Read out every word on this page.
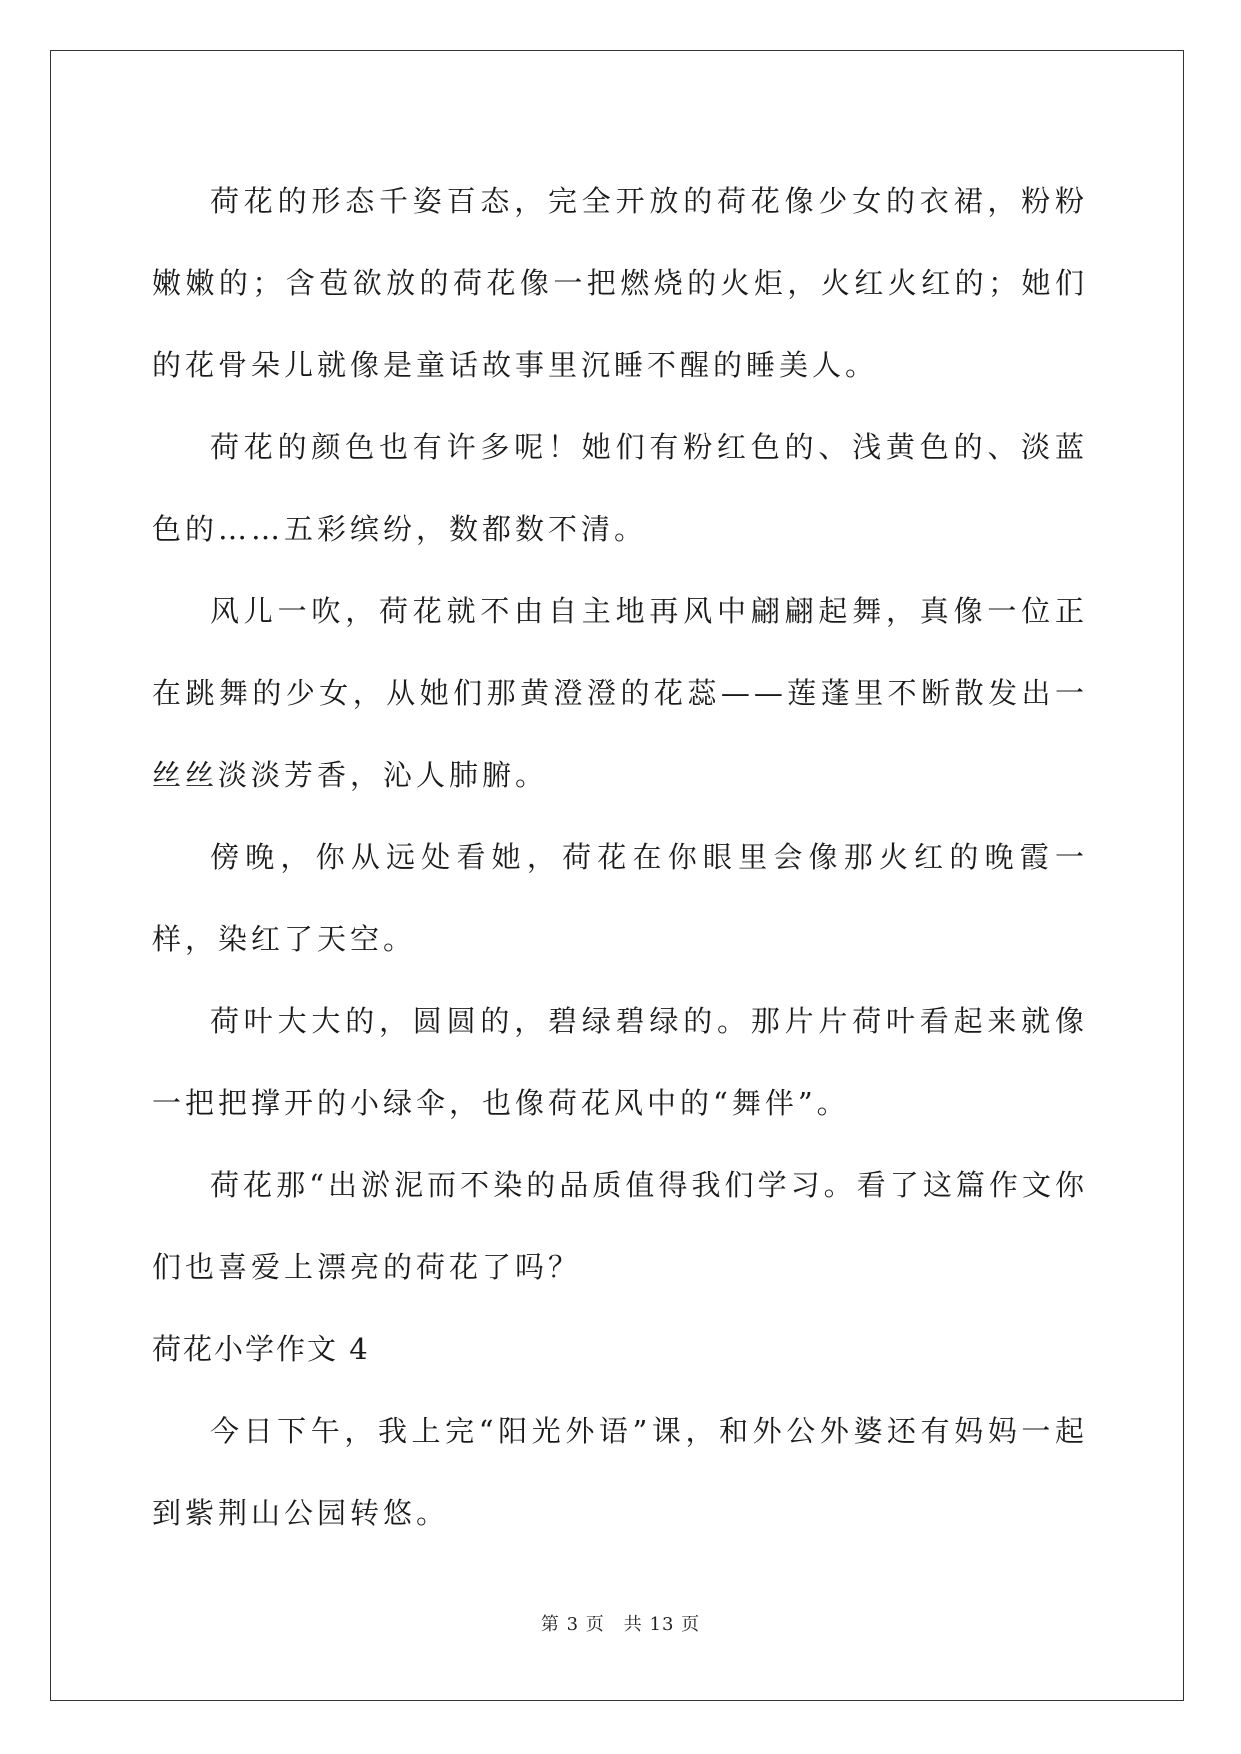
荷花的形态千姿百态，完全开放的荷花像少女的衣裙，粉粉嫩嫩的；含苞欲放的荷花像一把燃烧的火炬，火红火红的；她们的花骨朵儿就像是童话故事里沉睡不醒的睡美人。

荷花的颜色也有许多呢！她们有粉红色的、浅黄色的、淡蓝色的……五彩缤纷，数都数不清。

风儿一吹，荷花就不由自主地再风中翩翩起舞，真像一位正在跳舞的少女，从她们那黄澄澄的花蕊——莲蓬里不断散发出一丝丝淡淡芳香，沁人肺腑。

傍晚，你从远处看她，荷花在你眼里会像那火红的晚霞一样，染红了天空。

荷叶大大的，圆圆的，碧绿碧绿的。那片片荷叶看起来就像一把把撑开的小绿伞，也像荷花风中的“舞伴”。

荷花那“出淤泥而不染的品质值得我们学习。看了这篇作文你们也喜爱上漂亮的荷花了吗？

荷花小学作文 4

今日下午，我上完“阳光外语”课，和外公外婆还有妈妈一起到紫荆山公园转悠。

第 3 页　共 13 页
